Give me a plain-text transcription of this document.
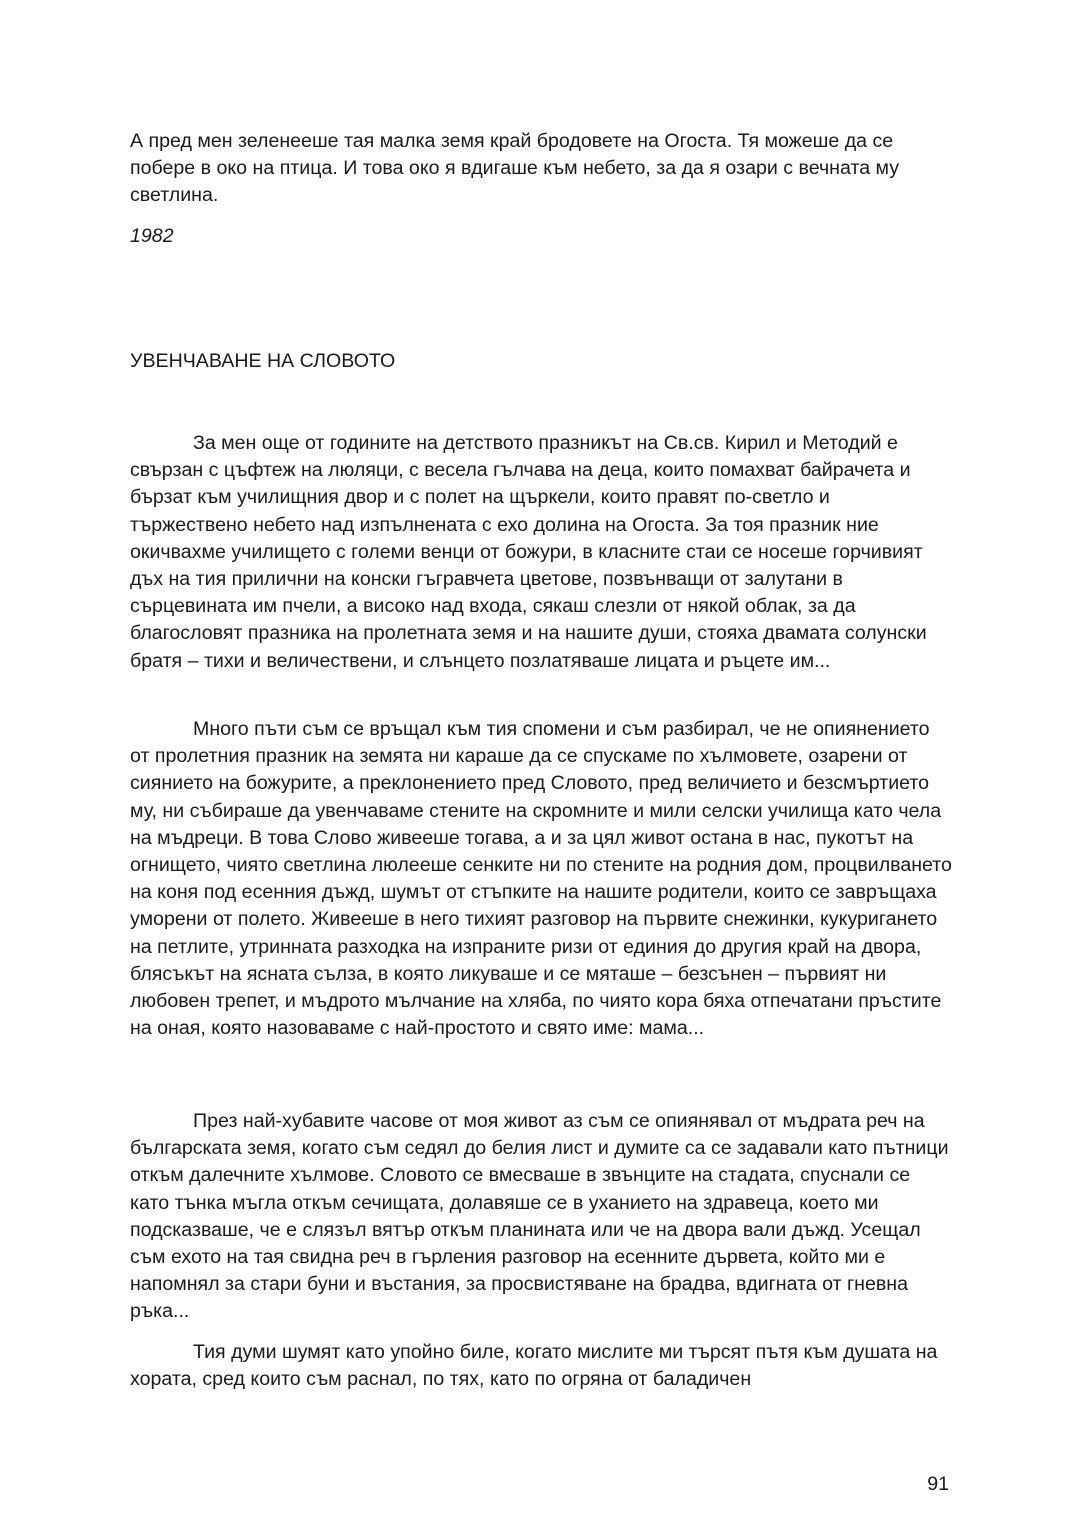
А пред мен зеленееше тая малка земя край бродовете на Огоста. Тя можеше да се побере в око на птица. И това око я вдигаше към небето, за да я озари с вечната му светлина.

1982

УВЕНЧАВАНЕ НА СЛОВОТО

За мен още от годините на детството празникът на Св.св. Кирил и Методий е свързан с цъфтеж на люляци, с весела гълчава на деца, които помахват байрачета и бързат към училищния двор и с полет на щъркели, които правят по-светло и тържествено небето над изпълнената с ехо долина на Огоста. За тоя празник ние окичвахме училището с големи венци от божури, в класните стаи се носеше горчивият дъх на тия прилични на конски гъгравчета цветове, позвънващи от залутани в сърцевината им пчели, а високо над входа, сякаш слезли от някой облак, за да благословят празника на пролетната земя и на нашите души, стояха двамата солунски братя – тихи и величествени, и слънцето позлатяваше лицата и ръцете им...

Много пъти съм се връщал към тия спомени и съм разбирал, че не опиянението от пролетния празник на земята ни караше да се спускаме по хълмовете, озарени от сиянието на божурите, а преклонението пред Словото, пред величието и безсмъртието му, ни събираше да увенчаваме стените на скромните и мили селски училища като чела на мъдреци. В това Слово живееше тогава, а и за цял живот остана в нас, пукотът на огнището, чиято светлина люлееше сенките ни по стените на родния дом, процвилването на коня под есенния дъжд, шумът от стъпките на нашите родители, които се завръщаха уморени от полето. Живееше в него тихият разговор на първите снежинки, кукуригането на петлите, утринната разходка на изпраните ризи от единия до другия край на двора, блясъкът на ясната сълза, в която ликуваше и се мяташе – безсънен – първият ни любовен трепет, и мъдрото мълчание на хляба, по чиято кора бяха отпечатани пръстите на оная, която назоваваме с най-простото и свято име: мама...

През най-хубавите часове от моя живот аз съм се опиянявал от мъдрата реч на българската земя, когато съм седял до белия лист и думите са се задавали като пътници откъм далечните хълмове. Словото се вмесваше в звънците на стадата, спуснали се като тънка мъгла откъм сечищата, долавяше се в уханието на здравеца, което ми подсказваше, че е слязъл вятър откъм планината или че на двора вали дъжд. Усещал съм ехото на тая свидна реч в гърления разговор на есенните дървета, който ми е напомнял за стари буни и въстания, за просвистяване на брадва, вдигната от гневна ръка...

Тия думи шумят като упойно биле, когато мислите ми търсят пътя към душата на хората, сред които съм раснал, по тях, като по огряна от баладичен

91
